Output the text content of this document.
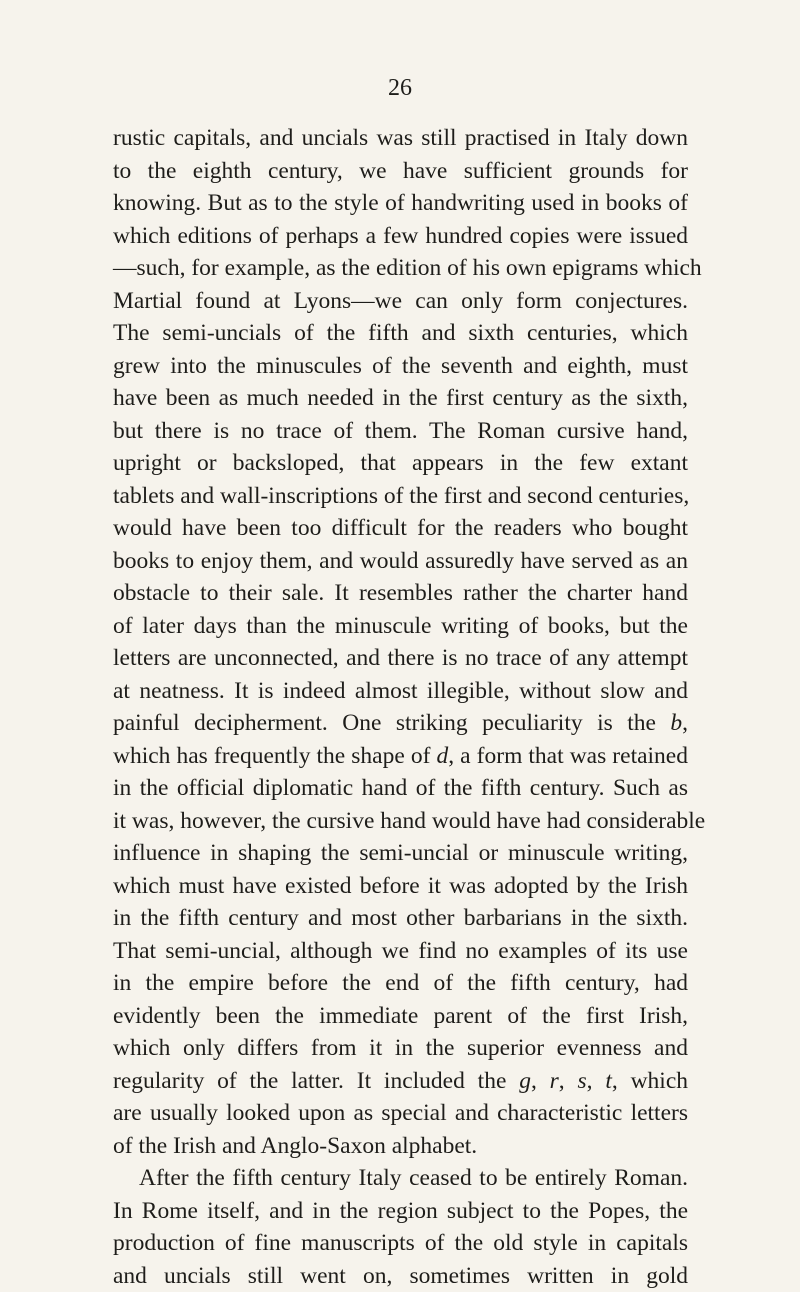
26
rustic capitals, and uncials was still practised in Italy down
to the eighth century, we have sufficient grounds for
knowing. But as to the style of handwriting used in books of
which editions of perhaps a few hundred copies were issued
—such, for example, as the edition of his own epigrams which
Martial found at Lyons—we can only form conjectures.
The semi-uncials of the fifth and sixth centuries, which
grew into the minuscules of the seventh and eighth, must
have been as much needed in the first century as the sixth,
but there is no trace of them. The Roman cursive hand,
upright or backsloped, that appears in the few extant
tablets and wall-inscriptions of the first and second centuries,
would have been too difficult for the readers who bought
books to enjoy them, and would assuredly have served as an
obstacle to their sale. It resembles rather the charter hand
of later days than the minuscule writing of books, but the
letters are unconnected, and there is no trace of any attempt
at neatness. It is indeed almost illegible, without slow and
painful decipherment. One striking peculiarity is the b,
which has frequently the shape of d, a form that was retained
in the official diplomatic hand of the fifth century. Such as
it was, however, the cursive hand would have had considerable
influence in shaping the semi-uncial or minuscule writing,
which must have existed before it was adopted by the Irish
in the fifth century and most other barbarians in the sixth.
That semi-uncial, although we find no examples of its use
in the empire before the end of the fifth century, had
evidently been the immediate parent of the first Irish,
which only differs from it in the superior evenness and
regularity of the latter. It included the g, r, s, t, which
are usually looked upon as special and characteristic letters
of the Irish and Anglo-Saxon alphabet.
After the fifth century Italy ceased to be entirely Roman.
In Rome itself, and in the region subject to the Popes, the
production of fine manuscripts of the old style in capitals
and uncials still went on, sometimes written in gold
